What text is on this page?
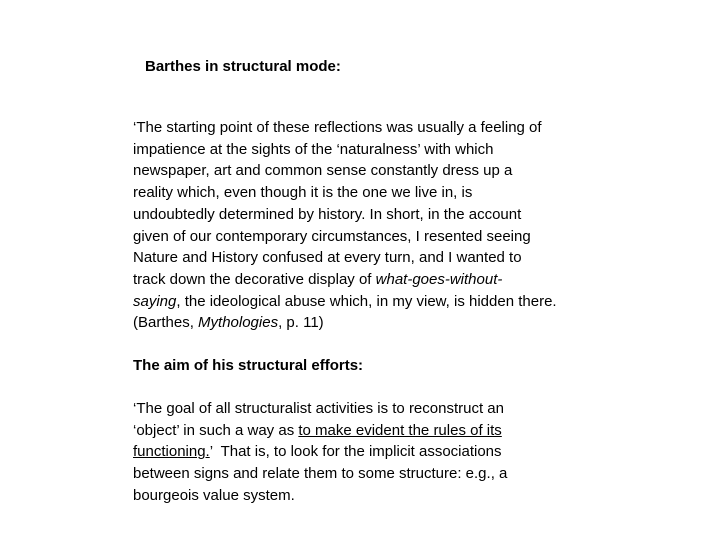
Barthes in structural mode:
‘The starting point of these reflections was usually a feeling of
impatience at the sights of the ‘naturalness’ with which
newspaper, art and common sense constantly dress up a
reality which, even though it is the one we live in, is
undoubtedly determined by history. In short, in the account
given of our contemporary circumstances, I resented seeing
Nature and History confused at every turn, and I wanted to
track down the decorative display of what-goes-without-
saying, the ideological abuse which, in my view, is hidden there.
(Barthes, Mythologies, p. 11)
The aim of his structural efforts:
‘The goal of all structuralist activities is to reconstruct an
‘object’ in such a way as to make evident the rules of its
functioning.’  That is, to look for the implicit associations
between signs and relate them to some structure: e.g., a
bourgeois value system.
